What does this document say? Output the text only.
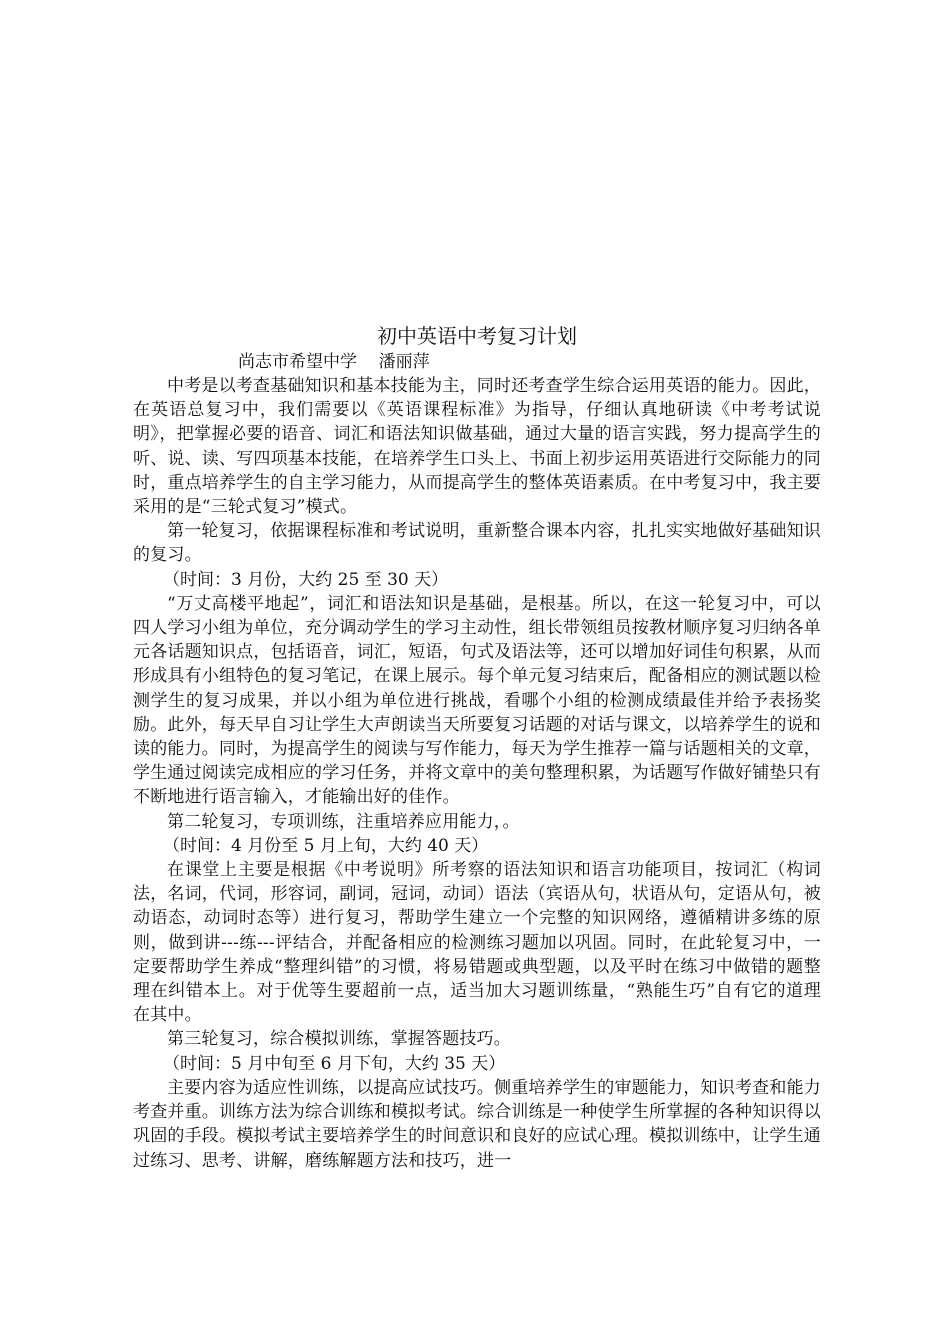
初中英语中考复习计划

尚志市希望中学    潘丽萍

中考是以考查基础知识和基本技能为主，同时还考查学生综合运用英语的能力。因此，在英语总复习中，我们需要以《英语课程标准》为指导，仔细认真地研读《中考考试说明》，把掌握必要的语音、词汇和语法知识做基础，通过大量的语言实践，努力提高学生的听、说、读、写四项基本技能，在培养学生口头上、书面上初步运用英语进行交际能力的同时，重点培养学生的自主学习能力，从而提高学生的整体英语素质。在中考复习中，我主要采用的是“三轮式复习”模式。

第一轮复习，依据课程标准和考试说明，重新整合课本内容，扎扎实实地做好基础知识的复习。

（时间：3 月份，大约 25 至 30 天）

“万丈高楼平地起”，词汇和语法知识是基础，是根基。所以，在这一轮复习中，可以四人学习小组为单位，充分调动学生的学习主动性，组长带领组员按教材顺序复习归纳各单元各话题知识点，包括语音，词汇，短语，句式及语法等，还可以增加好词佳句积累，从而形成具有小组特色的复习笔记，在课上展示。每个单元复习结束后，配备相应的测试题以检测学生的复习成果，并以小组为单位进行挑战，看哪个小组的检测成绩最佳并给予表扬奖励。此外，每天早自习让学生大声朗读当天所要复习话题的对话与课文，以培养学生的说和读的能力。同时，为提高学生的阅读与写作能力，每天为学生推荐一篇与话题相关的文章，学生通过阅读完成相应的学习任务，并将文章中的美句整理积累，为话题写作做好铺垫只有不断地进行语言输入，才能输出好的佳作。

第二轮复习，专项训练，注重培养应用能力，。

（时间：4 月份至 5 月上旬，大约 40 天）

在课堂上主要是根据《中考说明》所考察的语法知识和语言功能项目，按词汇（构词法，名词，代词，形容词，副词，冠词，动词）语法（宾语从句，状语从句，定语从句，被动语态，动词时态等）进行复习，帮助学生建立一个完整的知识网络，遵循精讲多练的原则，做到讲---练---评结合，并配备相应的检测练习题加以巩固。同时，在此轮复习中，一定要帮助学生养成“整理纠错”的习惯，将易错题或典型题，以及平时在练习中做错的题整理在纠错本上。对于优等生要超前一点，适当加大习题训练量，“熟能生巧”自有它的道理在其中。

第三轮复习，综合模拟训练，掌握答题技巧。

（时间：5 月中旬至 6 月下旬，大约 35 天）

主要内容为适应性训练，以提高应试技巧。侧重培养学生的审题能力，知识考查和能力考查并重。训练方法为综合训练和模拟考试。综合训练是一种使学生所掌握的各种知识得以巩固的手段。模拟考试主要培养学生的时间意识和良好的应试心理。模拟训练中，让学生通过练习、思考、讲解，磨练解题方法和技巧，进一
